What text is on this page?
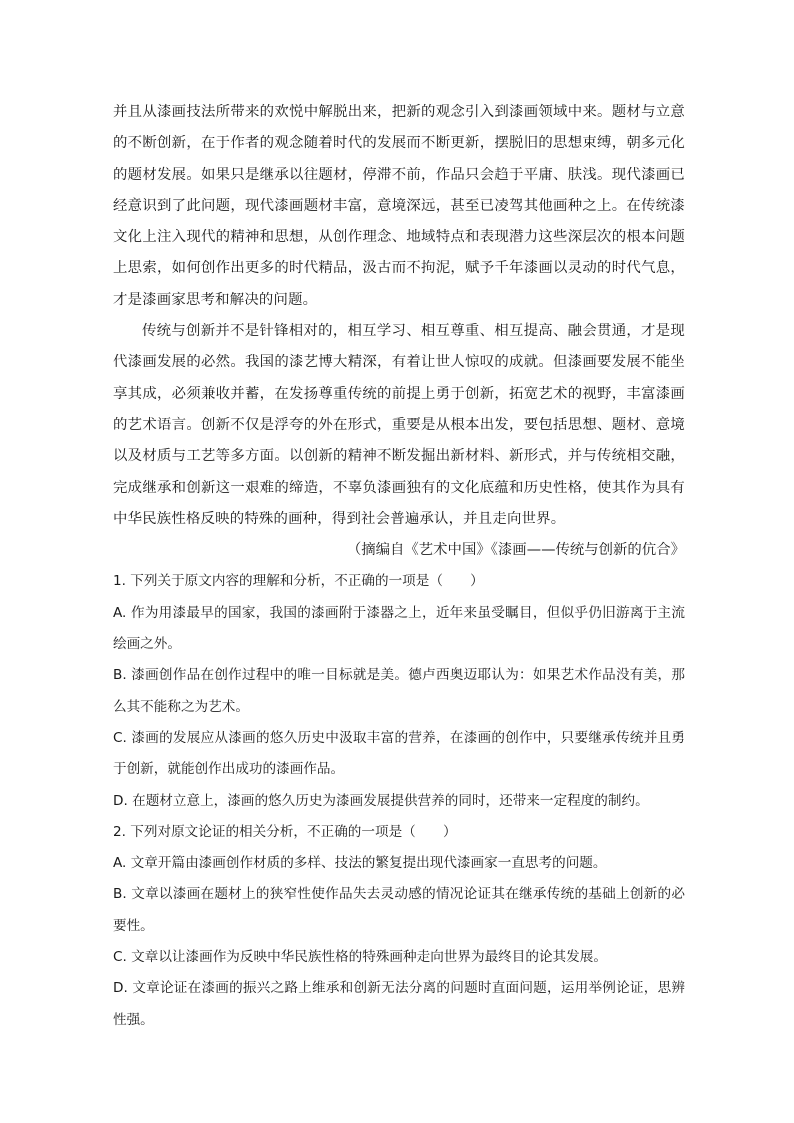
并且从漆画技法所带来的欢悦中解脱出来，把新的观念引入到漆画领域中来。题材与立意的不断创新，在于作者的观念随着时代的发展而不断更新，摆脱旧的思想束缚，朝多元化的题材发展。如果只是继承以往题材，停滞不前，作品只会趋于平庸、肤浅。现代漆画已经意识到了此问题，现代漆画题材丰富，意境深远，甚至已凌驾其他画种之上。在传统漆文化上注入现代的精神和思想，从创作理念、地域特点和表现潜力这些深层次的根本问题上思索，如何创作出更多的时代精品，汲古而不拘泥，赋予千年漆画以灵动的时代气息，才是漆画家思考和解决的问题。

传统与创新并不是针锋相对的，相互学习、相互尊重、相互提高、融会贯通，才是现代漆画发展的必然。我国的漆艺博大精深，有着让世人惊叹的成就。但漆画要发展不能坐享其成，必须兼收并蓄，在发扬尊重传统的前提上勇于创新，拓宽艺术的视野，丰富漆画的艺术语言。创新不仅是浮夸的外在形式，重要是从根本出发，要包括思想、题材、意境以及材质与工艺等多方面。以创新的精神不断发掘出新材料、新形式，并与传统相交融，完成继承和创新这一艰难的缔造，不辜负漆画独有的文化底蕴和历史性格，使其作为具有中华民族性格反映的特殊的画种，得到社会普遍承认，并且走向世界。

（摘编自《艺术中国》《漆画——传统与创新的伉合》

1. 下列关于原文内容的理解和分析，不正确的一项是（　　）

A. 作为用漆最早的国家，我国的漆画附于漆器之上，近年来虽受瞩目，但似乎仍旧游离于主流绘画之外。

B. 漆画创作品在创作过程中的唯一目标就是美。德卢西奥迈耶认为：如果艺术作品没有美，那么其不能称之为艺术。

C. 漆画的发展应从漆画的悠久历史中汲取丰富的营养，在漆画的创作中，只要继承传统并且勇于创新，就能创作出成功的漆画作品。

D. 在题材立意上，漆画的悠久历史为漆画发展提供营养的同时，还带来一定程度的制约。

2. 下列对原文论证的相关分析，不正确的一项是（　　）

A. 文章开篇由漆画创作材质的多样、技法的繁复提出现代漆画家一直思考的问题。

B. 文章以漆画在题材上的狭窄性使作品失去灵动感的情况论证其在继承传统的基础上创新的必要性。

C. 文章以让漆画作为反映中华民族性格的特殊画种走向世界为最终目的论其发展。

D. 文章论证在漆画的振兴之路上维承和创新无法分离的问题时直面问题，运用举例论证，思辨性强。
